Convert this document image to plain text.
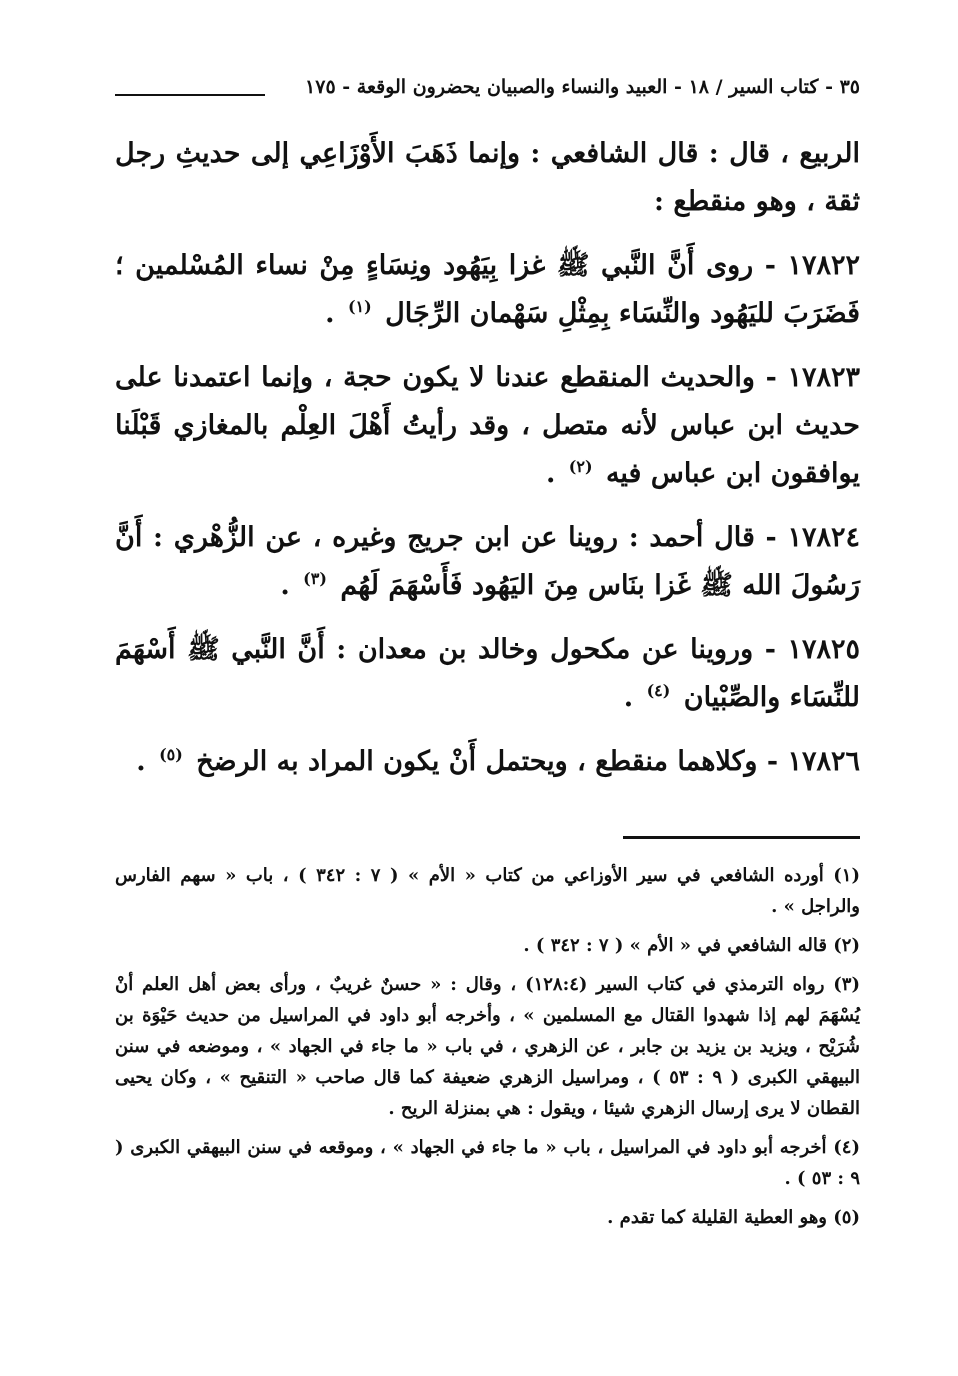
٣٥ - كتاب السير / ١٨ - العبيد والنساء والصبيان يحضرون الوقعة - ١٧٥

الربيع ، قال : قال الشافعي : وإنما ذَهَبَ الأَوْزَاعِي إلى حديثِ رجل ثقة ، وهو منقطع :

١٧٨٢٢ - روى أَنَّ النَّبي ﷺ غزا بِيَهُود ونِسَاءٍ مِنْ نساء المُسْلمين ؛ فَضَرَبَ لليَهُود والنِّسَاء بِمِثْلِ سَهْمان الرِّجَال $^{(١)}$ .

١٧٨٢٣ - والحديث المنقطع عندنا لا يكون حجة ، وإنما اعتمدنا على حديث ابن عباس لأنه متصل ، وقد رأيتُ أَهْلَ العِلْم بالمغازي قَبْلَنا يوافقون ابن عباس فيه $^{(٢)}$ .

١٧٨٢٤ - قال أحمد : روينا عن ابن جريج وغيره ، عن الزُّهْري : أَنَّ رَسُولَ الله ﷺ غَزا بنَاس مِنَ اليَهُود فَأَسْهَمَ لَهُم $^{(٣)}$ .

١٧٨٢٥ - وروينا عن مكحول وخالد بن معدان : أَنَّ النَّبي ﷺ أَسْهَمَ للنِّسَاء والصِّبْيان $^{(٤)}$ .

١٧٨٢٦ - وكلاهما منقطع ، ويحتمل أَنْ يكون المراد به الرضخ $^{(٥)}$ .

(١) أورده الشافعي في سير الأوزاعي من كتاب « الأم » ( ٧ : ٣٤٢ ) ، باب « سهم الفارس والراجل » .

(٢) قاله الشافعي في « الأم » ( ٧ : ٣٤٢ ) .

(٣) رواه الترمذي في كتاب السير (١٢٨:٤) ، وقال : « حسنٌ غريبٌ ، ورأى بعض أهل العلم أنْ يُسْهَمَ لهم إذا شهدوا القتال مع المسلمين » ، وأخرجه أبو داود في المراسيل من حديث حَيْوَة بن شُرَيْح ، ويزيد بن يزيد بن جابر ، عن الزهري ، في باب « ما جاء في الجهاد » ، وموضعه في سنن البيهقي الكبرى ( ٩ : ٥٣ ) ، ومراسيل الزهري ضعيفة كما قال صاحب « التنقيح » ، وكان يحيى القطان لا يرى إرسال الزهري شيئا ، ويقول : هي بمنزلة الريح .

(٤) أخرجه أبو داود في المراسيل ، باب « ما جاء في الجهاد » ، وموقعه في سنن البيهقي الكبرى ( ٩ : ٥٣ ) .

(٥) وهو العطية القليلة كما تقدم .
